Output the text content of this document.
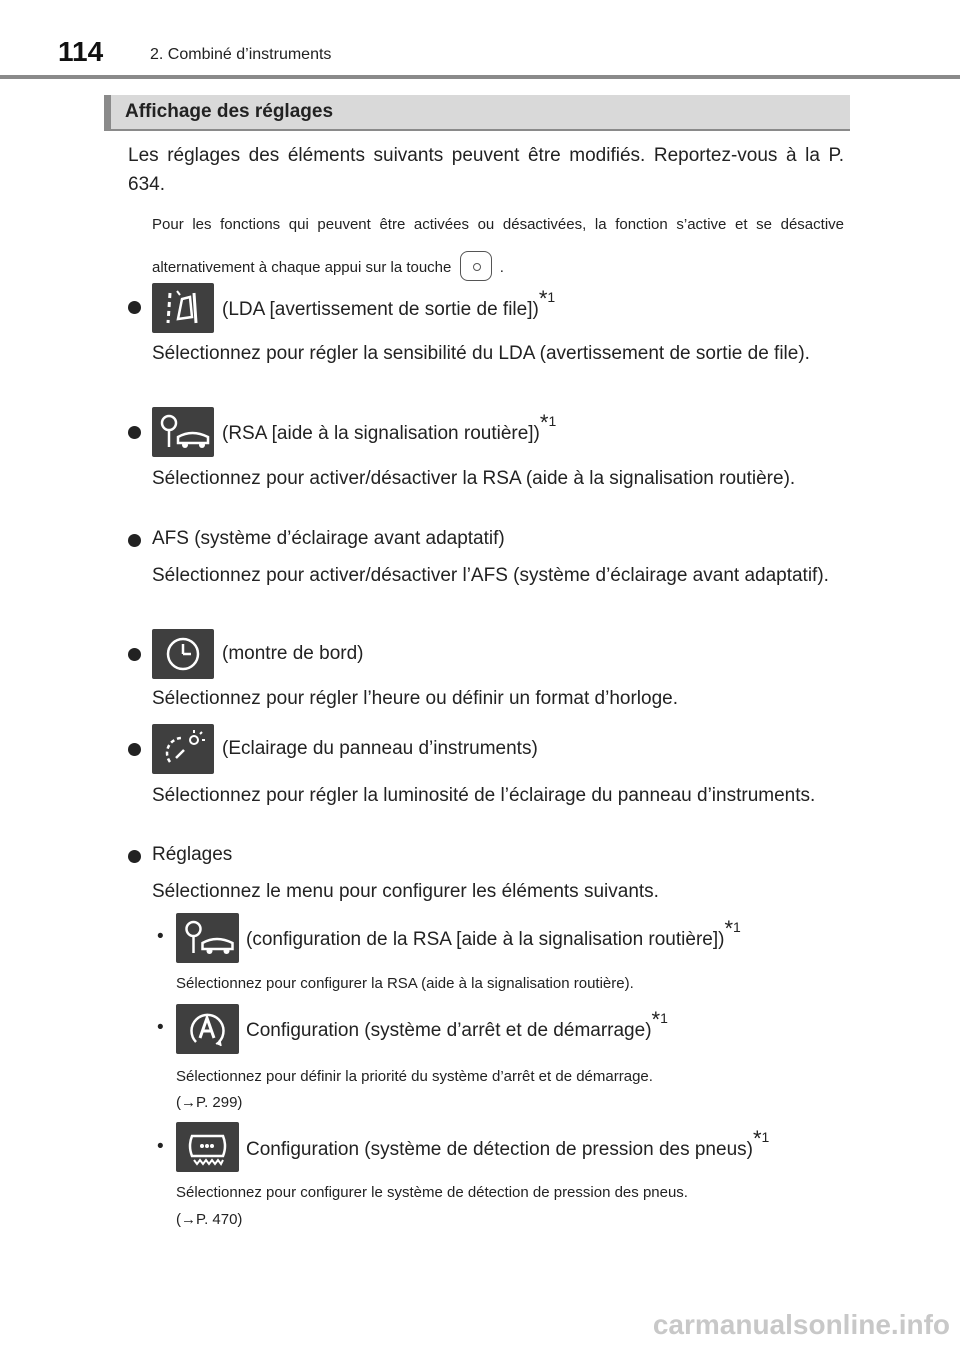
114	2. Combiné d’instruments
Affichage des réglages
Les réglages des éléments suivants peuvent être modifiés. Reportez-vous à la P. 634.
Pour les fonctions qui peuvent être activées ou désactivées, la fonction s’active et se désactive alternativement à chaque appui sur la touche	.
(LDA [avertissement de sortie de file])$^{*1}$
Sélectionnez pour régler la sensibilité du LDA (avertissement de sortie de file).
(RSA [aide à la signalisation routière])$^{*1}$
Sélectionnez pour activer/désactiver la RSA (aide à la signalisation routière).
AFS (système d’éclairage avant adaptatif)
Sélectionnez pour activer/désactiver l’AFS (système d’éclairage avant adaptatif).
(montre de bord)
Sélectionnez pour régler l’heure ou définir un format d’horloge.
(Eclairage du panneau d’instruments)
Sélectionnez pour régler la luminosité de l’éclairage du panneau d’instruments.
Réglages
Sélectionnez le menu pour configurer les éléments suivants.
•	(configuration de la RSA [aide à la signalisation routière])$^{*1}$
Sélectionnez pour configurer la RSA (aide à la signalisation routière).
•	Configuration (système d’arrêt et de démarrage)$^{*1}$
Sélectionnez pour définir la priorité du système d’arrêt et de démarrage.
(→P. 299)
•	Configuration (système de détection de pression des pneus)$^{*1}$
Sélectionnez pour configurer le système de détection de pression des pneus.
(→P. 470)
carmanualsonline.info
